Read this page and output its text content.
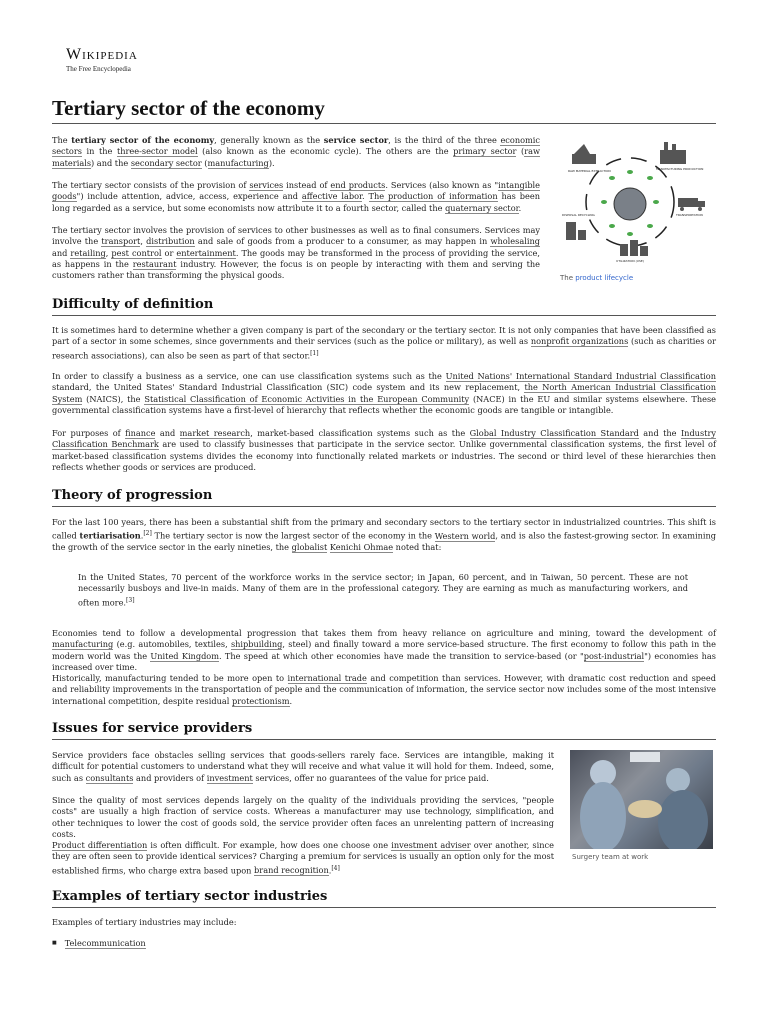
Wikipedia
The Free Encyclopedia
Tertiary sector of the economy

The tertiary sector of the economy, generally known as the service sector, is the third of the three economic sectors in the three-sector model (also known as the economic cycle). The others are the primary sector (raw materials) and the secondary sector (manufacturing).

The tertiary sector consists of the provision of services instead of end products. Services (also known as "intangible goods") include attention, advice, access, experience and affective labor. The production of information has been long regarded as a service, but some economists now attribute it to a fourth sector, called the quaternary sector.

The tertiary sector involves the provision of services to other businesses as well as to final consumers. Services may involve the transport, distribution and sale of goods from a producer to a consumer, as may happen in wholesaling and retailing, pest control or entertainment. The goods may be transformed in the process of providing the service, as happens in the restaurant industry. However, the focus is on people by interacting with them and serving the customers rather than transforming the physical goods.

RAW MATERIAL EXTRACTION	MANUFACTURING PRODUCTION
TRANSPORTATION
UTILIZATION (USE)
DISPOSAL RECYCLING
The product lifecycle
Difficulty of definition

It is sometimes hard to determine whether a given company is part of the secondary or the tertiary sector. It is not only companies that have been classified as part of a sector in some schemes, since governments and their services (such as the police or military), as well as nonprofit organizations (such as charities or research associations), can also be seen as part of that sector.[1]

In order to classify a business as a service, one can use classification systems such as the United Nations' International Standard Industrial Classification standard, the United States' Standard Industrial Classification (SIC) code system and its new replacement, the North American Industrial Classification System (NAICS), the Statistical Classification of Economic Activities in the European Community (NACE) in the EU and similar systems elsewhere. These governmental classification systems have a first-level of hierarchy that reflects whether the economic goods are tangible or intangible.

For purposes of finance and market research, market-based classification systems such as the Global Industry Classification Standard and the Industry Classification Benchmark are used to classify businesses that participate in the service sector. Unlike governmental classification systems, the first level of market-based classification systems divides the economy into functionally related markets or industries. The second or third level of these hierarchies then reflects whether goods or services are produced.

Theory of progression

For the last 100 years, there has been a substantial shift from the primary and secondary sectors to the tertiary sector in industrialized countries. This shift is called tertiarisation.[2] The tertiary sector is now the largest sector of the economy in the Western world, and is also the fastest-growing sector. In examining the growth of the service sector in the early nineties, the globalist Kenichi Ohmae noted that:

In the United States, 70 percent of the workforce works in the service sector; in Japan, 60 percent, and in Taiwan, 50 percent. These are not necessarily busboys and live-in maids. Many of them are in the professional category. They are earning as much as manufacturing workers, and often more.[3]

Economies tend to follow a developmental progression that takes them from heavy reliance on agriculture and mining, toward the development of manufacturing (e.g. automobiles, textiles, shipbuilding, steel) and finally toward a more service-based structure. The first economy to follow this path in the modern world was the United Kingdom. The speed at which other economies have made the transition to service-based (or "post-industrial") economies has increased over time.

Historically, manufacturing tended to be more open to international trade and competition than services. However, with dramatic cost reduction and speed and reliability improvements in the transportation of people and the communication of information, the service sector now includes some of the most intensive international competition, despite residual protectionism.

Issues for service providers

Service providers face obstacles selling services that goods-sellers rarely face. Services are intangible, making it difficult for potential customers to understand what they will receive and what value it will hold for them. Indeed, some, such as consultants and providers of investment services, offer no guarantees of the value for price paid.

Since the quality of most services depends largely on the quality of the individuals providing the services, "people costs" are usually a high fraction of service costs. Whereas a manufacturer may use technology, simplification, and other techniques to lower the cost of goods sold, the service provider often faces an unrelenting pattern of increasing costs.

Product differentiation is often difficult. For example, how does one choose one investment adviser over another, since they are often seen to provide identical services? Charging a premium for services is usually an option only for the most established firms, who charge extra based upon brand recognition.[4]

Surgery team at work
Examples of tertiary sector industries

Examples of tertiary industries may include:

■ Telecommunication
